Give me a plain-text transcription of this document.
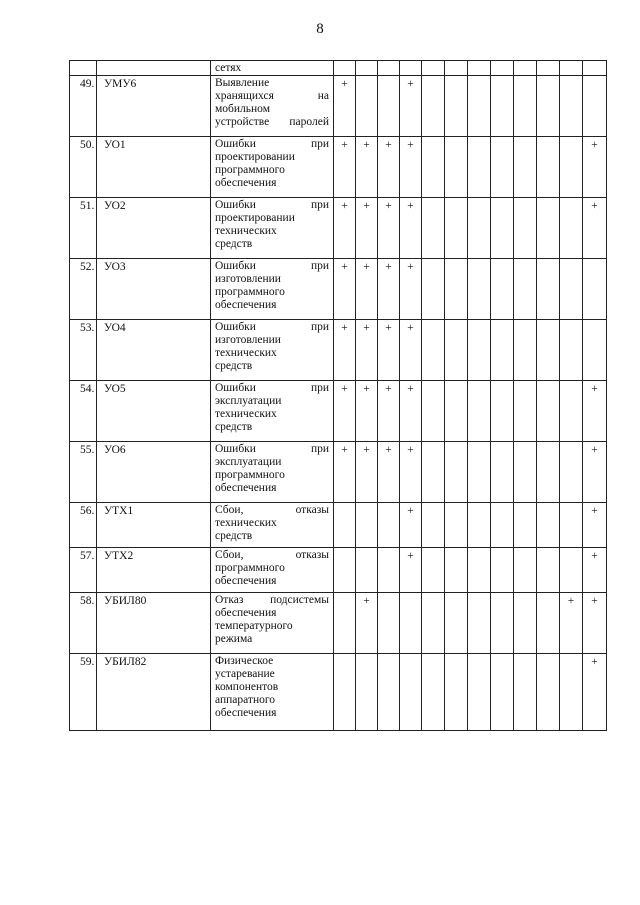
8

		сетях												

49.	УМУ6	Выявление
хранящихся на
мобильном
устройстве паролей	+			+								
50.	УО1	Ошибки при
проектировании
программного
обеспечения	+	+	+	+								+
51.	УО2	Ошибки при
проектировании
технических
средств	+	+	+	+								+
52.	УО3	Ошибки при
изготовлении
программного
обеспечения	+	+	+	+								
53.	УО4	Ошибки при
изготовлении
технических
средств	+	+	+	+								
54.	УО5	Ошибки при
эксплуатации
технических
средств	+	+	+	+								+
55.	УО6	Ошибки при
эксплуатации
программного
обеспечения	+	+	+	+								+
56.	УТХ1	Сбои, отказы
технических
средств				+								+
57.	УТХ2	Сбои, отказы
программного
обеспечения				+								+
58.	УБИЛ80	Отказ подсистемы
обеспечения
температурного
режима		+									+	+
59.	УБИЛ82	Физическое
устаревание
компонентов
аппаратного
обеспечения												+
